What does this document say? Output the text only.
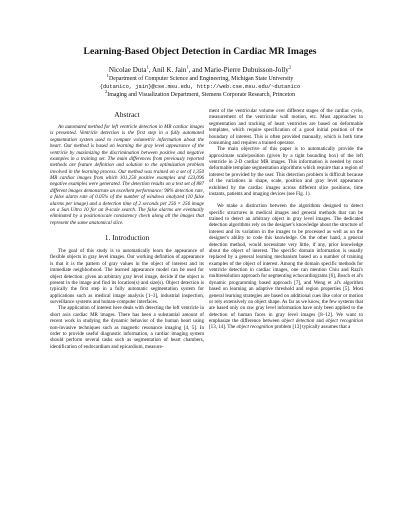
Learning-Based Object Detection in Cardiac MR Images
Nicolae Duta$^1$, Anil K. Jain$^1$, and Marie-Pierre Dubuisson-Jolly$^2$
$^1$Department of Computer Science and Engineering, Michigan State University
{dutanico, jain}@cse.msu.edu, http://web.cse.msu.edu/~dutanico
$^2$Imaging and Visualization Department, Siemens Corporate Research, Princeton
Abstract

An automated method for left ventricle detection in MR cardiac images is presented. Ventricle detection is the first step in a fully automated segmentation system used to compute volumetric information about the heart. Our method is based on learning the gray level appearance of the ventricle by maximizing the discrimination between positive and negative examples in a training set. The main differences from previously reported methods are feature definition and solution to the optimization problem involved in the learning process. Our method was trained on a set of 1,350 MR cardiac images from which 101,250 positive examples and 123,096 negative examples were generated. The detection results on a test set of 887 different images demonstrate an excellent performance: 98% detection rate, a false alarm rate of 0.05% of the number of windows analyzed (10 false alarms per image) and a detection time of 2 seconds per 256 × 256 image on a Sun Ultra 10 for an 8-scale search. The false alarms are eventually eliminated by a position/scale consistency check along all the images that represent the same anatomical slice.

1. Introduction

The goal of this study is to automatically learn the appearance of flexible objects in gray level images. Our working definition of appearance is that it is the pattern of gray values in the object of interest and its immediate neighborhood. The learned appearance model can be used for object detection: given an arbitrary gray level image, decide if the object is present in the image and find its location(s) and size(s). Object detection is typically the first step in a fully automatic segmentation system for applications such as medical image analysis [1–3], industrial inspection, surveillance systems and human-computer interfaces.

The application of interest here deals with detecting the left ventricle in short axis cardiac MR images. There has been a substantial amount of recent work in studying the dynamic behavior of the human heart using non-invasive techniques such as magnetic resonance imaging [4, 5]. In order to provide useful diagnostic information, a cardiac imaging system should perform several tasks such as segmentation of heart chambers, identification of endocardium and epicardium, measure-

ment of the ventricular volume over different stages of the cardiac cycle, measurement of the ventricular wall motion, etc. Most approaches to segmentation and tracking of heart ventricles are based on deformable templates, which require specification of a good initial position of the boundary of interest. This is often provided manually, which is both time consuming and requires a trained operator.

The main objective of this paper is to automatically provide the approximate scale/position (given by a tight bounding box) of the left ventricle in 2-D cardiac MR images. This information is needed by most deformable template segmentation algorithms which require that a region of interest be provided by the user. This detection problem is difficult because of the variations in shape, scale, position and gray level appearance exhibited by the cardiac images across different slice positions, time instants, patients and imaging devices (see Fig. 1).

We make a distinction between the algorithms designed to detect specific structures in medical images and general methods that can be trained to detect an arbitrary object in gray level images. The dedicated detection algorithms rely on the designer's knowledge about the structure of interest and its variation in the images to be processed as well as on the designer's ability to code this knowledge. On the other hand, a general detection method, would necessitate very little, if any, prior knowledge about the object of interest. The specific domain information is usually replaced by a general learning mechanism based on a number of training examples of the object of interest. Among the domain specific methods for ventricle detection in cardiac images, one can mention Chiu and Razi's multiresolution approach for segmenting echocardiograms [6], Bosch et al's dynamic programming based approach [7], and Weng et al's algorithm based on learning an adaptive threshold and region properties [5]. Most general learning strategies are based on additional cues like color or motion or rely extensively on object shape. As far as we know, the few systems that are based only on raw gray level information have only been applied to the detection of human faces in gray level images [8–12]. We want to emphasize the difference between object detection and object recognition [13, 14]. The object recognition problem [13] typically assumes that a
